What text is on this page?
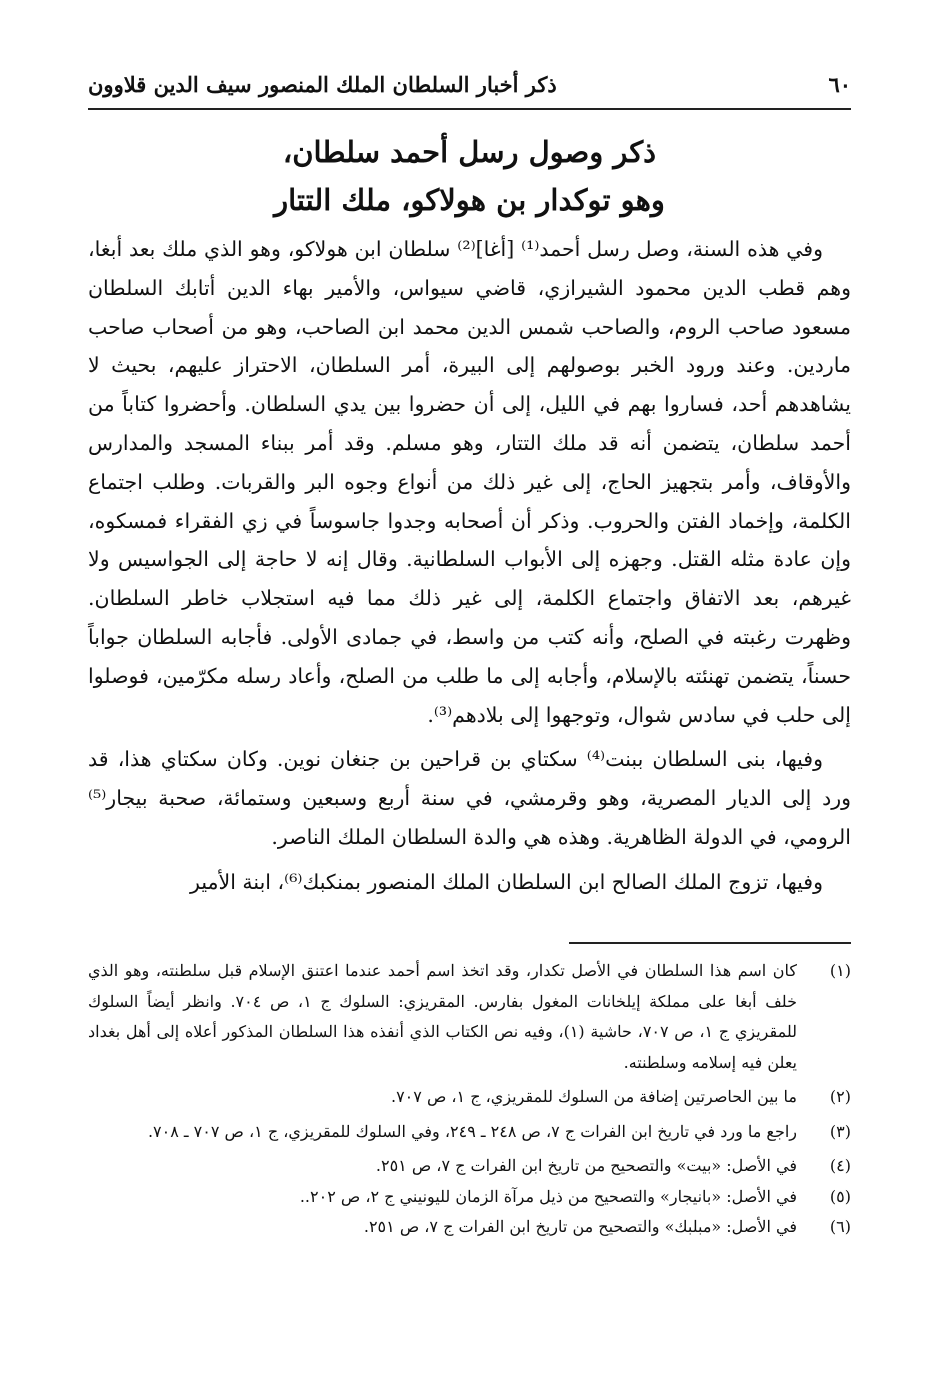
٦٠
ذكر أخبار السلطان الملك المنصور سيف الدين قلاوون
ذكر وصول رسل أحمد سلطان،
وهو توكدار بن هولاكو، ملك التتار

وفي هذه السنة، وصل رسل أحمد⁽¹⁾ [أغا]⁽²⁾ سلطان ابن هولاكو، وهو الذي ملك بعد أبغا، وهم قطب الدين محمود الشيرازي، قاضي سيواس، والأمير بهاء الدين أتابك السلطان مسعود صاحب الروم، والصاحب شمس الدين محمد ابن الصاحب، وهو من أصحاب صاحب ماردين. وعند ورود الخبر بوصولهم إلى البيرة، أمر السلطان، الاحتراز عليهم، بحيث لا يشاهدهم أحد، فساروا بهم في الليل، إلى أن حضروا بين يدي السلطان. وأحضروا كتاباً من أحمد سلطان، يتضمن أنه قد ملك التتار، وهو مسلم. وقد أمر ببناء المسجد والمدارس والأوقاف، وأمر بتجهيز الحاج، إلى غير ذلك من أنواع وجوه البر والقربات. وطلب اجتماع الكلمة، وإخماد الفتن والحروب. وذكر أن أصحابه وجدوا جاسوساً في زي الفقراء فمسكوه، وإن عادة مثله القتل. وجهزه إلى الأبواب السلطانية. وقال إنه لا حاجة إلى الجواسيس ولا غيرهم، بعد الاتفاق واجتماع الكلمة، إلى غير ذلك مما فيه استجلاب خاطر السلطان. وظهرت رغبته في الصلح، وأنه كتب من واسط، في جمادى الأولى. فأجابه السلطان جواباً حسناً، يتضمن تهنئته بالإسلام، وأجابه إلى ما طلب من الصلح، وأعاد رسله مكرّمين، فوصلوا إلى حلب في سادس شوال، وتوجهوا إلى بلادهم⁽³⁾.

وفيها، بنى السلطان ببنت⁽⁴⁾ سكتاي بن قراحين بن جنغان نوين. وكان سكتاي هذا، قد ورد إلى الديار المصرية، وهو وقرمشي، في سنة أربع وسبعين وستمائة، صحبة بيجار⁽⁵⁾ الرومي، في الدولة الظاهرية. وهذه هي والدة السلطان الملك الناصر.

وفيها، تزوج الملك الصالح ابن السلطان الملك المنصور بمنكبك⁽⁶⁾، ابنة الأمير

(١)
كان اسم هذا السلطان في الأصل تكدار، وقد اتخذ اسم أحمد عندما اعتنق الإسلام قبل سلطنته، وهو الذي خلف أبغا على مملكة إيلخانات المغول بفارس. المقريزي: السلوك ج ١، ص ٧٠٤. وانظر أيضاً السلوك للمقريزي ج ١، ص ٧٠٧، حاشية (١)، وفيه نص الكتاب الذي أنفذه هذا السلطان المذكور أعلاه إلى أهل بغداد يعلن فيه إسلامه وسلطنته.
(٢)
ما بين الحاصرتين إضافة من السلوك للمقريزي، ج ١، ص ٧٠٧.
(٣)
راجع ما ورد في تاريخ ابن الفرات ج ٧، ص ٢٤٨ ـ ٢٤٩، وفي السلوك للمقريزي، ج ١، ص ٧٠٧ ـ ٧٠٨.
(٤)
في الأصل: «بيت» والتصحيح من تاريخ ابن الفرات ج ٧، ص ٢٥١.
(٥)
في الأصل: «بانيجار» والتصحيح من ذيل مرآة الزمان لليونيني ج ٢، ص ٢٠٢..
(٦)
في الأصل: «مبلبك» والتصحيح من تاريخ ابن الفرات ج ٧، ص ٢٥١.
